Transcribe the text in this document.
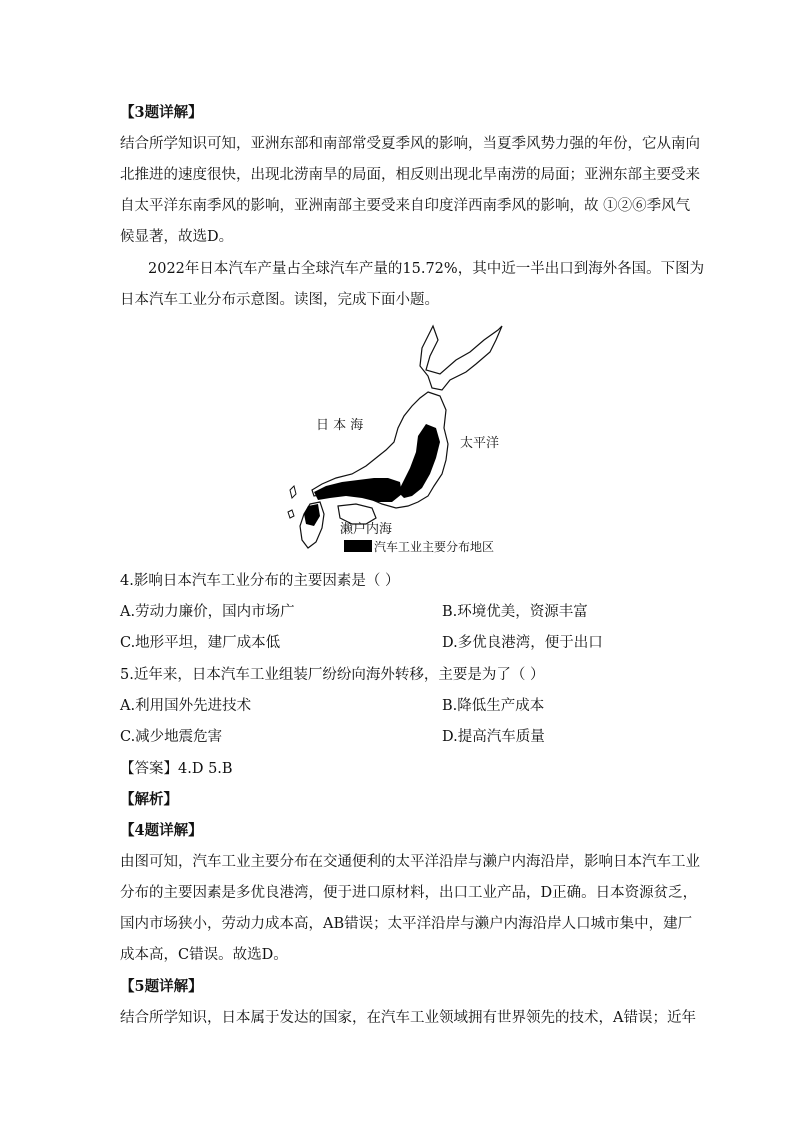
【3题详解】
结合所学知识可知，亚洲东部和南部常受夏季风的影响，当夏季风势力强的年份，它从南向
北推进的速度很快，出现北涝南旱的局面，相反则出现北旱南涝的局面；亚洲东部主要受来
自太平洋东南季风的影响，亚洲南部主要受来自印度洋西南季风的影响，故 ①②⑥季风气
候显著，故选D。
2022年日本汽车产量占全球汽车产量的15.72%，其中近一半出口到海外各国。下图为
日本汽车工业分布示意图。读图，完成下面小题。
日 本 海
太平洋
濑户内海
汽车工业主要分布地区
4.影响日本汽车工业分布的主要因素是（ ）
A.劳动力廉价，国内市场广	B.环境优美，资源丰富
C.地形平坦，建厂成本低	D.多优良港湾，便于出口
5.近年来，日本汽车工业组装厂纷纷向海外转移，主要是为了（ ）
A.利用国外先进技术	B.降低生产成本
C.减少地震危害	D.提高汽车质量
【答案】4.D 5.B
【解析】
【4题详解】
由图可知，汽车工业主要分布在交通便利的太平洋沿岸与濑户内海沿岸，影响日本汽车工业
分布的主要因素是多优良港湾，便于进口原材料，出口工业产品，D正确。日本资源贫乏，
国内市场狭小，劳动力成本高，AB错误；太平洋沿岸与濑户内海沿岸人口城市集中，建厂
成本高，C错误。故选D。
【5题详解】
结合所学知识，日本属于发达的国家，在汽车工业领域拥有世界领先的技术，A错误；近年
